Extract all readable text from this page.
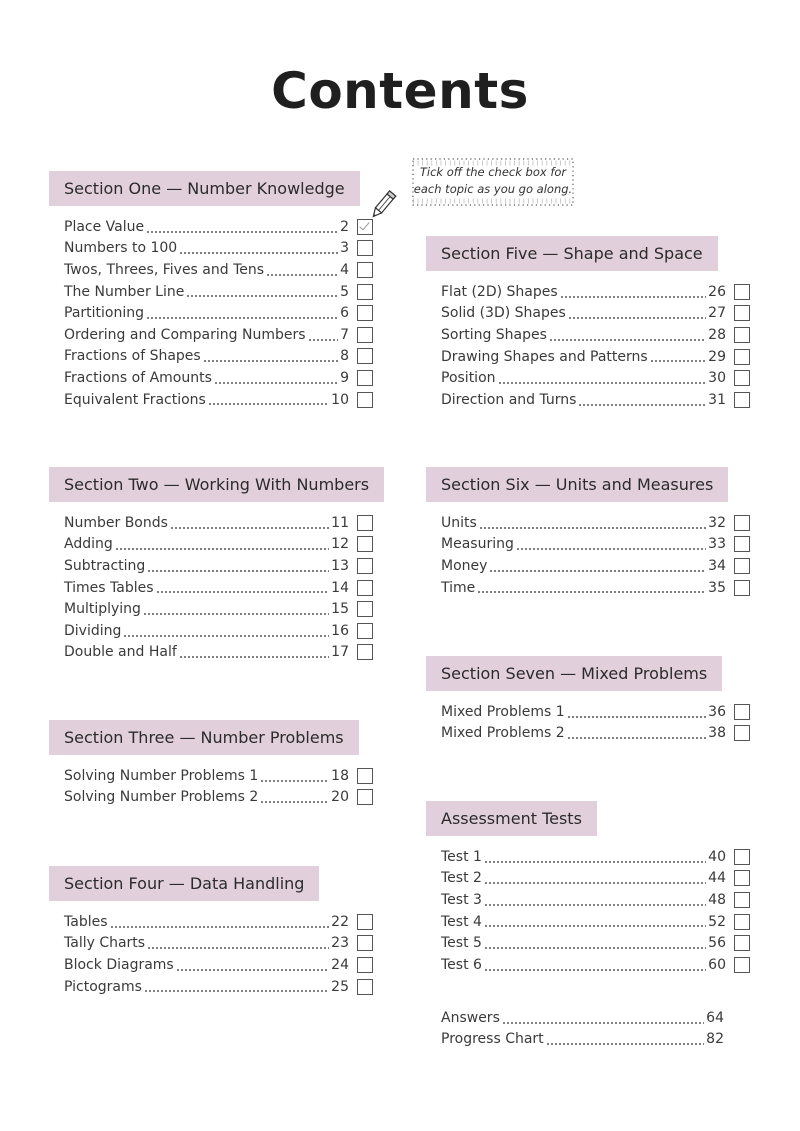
Contents
Tick off the check box for
each topic as you go along.
Section One — Number Knowledge
Place Value	2
Numbers to 100	3
Twos, Threes, Fives and Tens	4
The Number Line	5
Partitioning	6
Ordering and Comparing Numbers 7
Fractions of Shapes	8
Fractions of Amounts	9
Equivalent Fractions	10
Section Two — Working With Numbers
Number Bonds	11
Adding	12
Subtracting	13
Times Tables	14
Multiplying	15
Dividing	16
Double and Half	17
Section Three — Number Problems
Solving Number Problems 1	18
Solving Number Problems 2	20
Section Four — Data Handling
Tables	22
Tally Charts	23
Block Diagrams	24
Pictograms	25
Section Five — Shape and Space
Flat (2D) Shapes	26
Solid (3D) Shapes	27
Sorting Shapes	28
Drawing Shapes and Patterns	29
Position	30
Direction and Turns	31
Section Six — Units and Measures
Units	32
Measuring	33
Money	34
Time	35
Section Seven — Mixed Problems
Mixed Problems 1	36
Mixed Problems 2	38
Assessment Tests
Test 1	40
Test 2	44
Test 3	48
Test 4	52
Test 5	56
Test 6	60
Answers	64
Progress Chart	82
